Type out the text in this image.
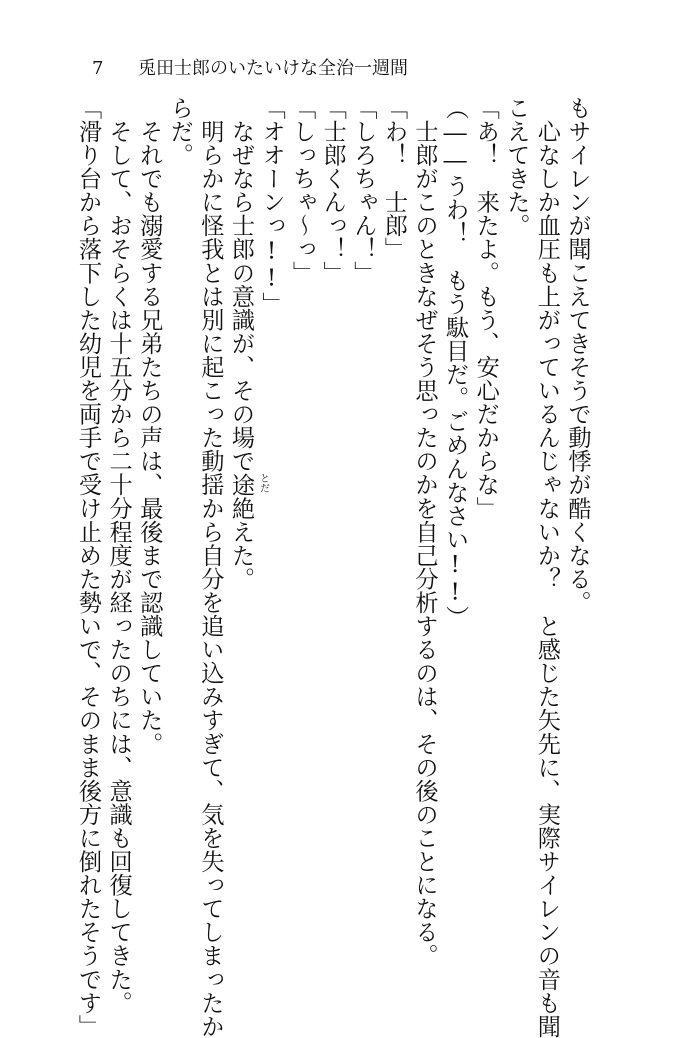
7 兎田士郎のいたいけな全治一週間
もサイレンが聞こえてきそうで動悸が酷くなる。
　心なしか血圧も上がっているんじゃないか？　と感じた矢先に、実際サイレンの音も聞
こえてきた。
「あ！　来たよ。もう、安心だからな」
（――うわ！　もう駄目だ。ごめんなさい!!）
　士郎がこのときなぜそう思ったのかを自己分析するのは、その後のことになる。
「わ！　士郎」
「しろちゃん！」
「士郎くんっ！」
「しっちゃ～っ」
「オオーンっ!!」
　なぜなら士郎の意識が、その場で途絶 とだ
えた。
　明らかに怪我とは別に起こった動揺から自分を追い込みすぎて、気を失ってしまったか
らだ。
　それでも溺愛する兄弟たちの声は、最後まで認識していた。
　そして、おそらくは十五分から二十分程度が経ったのちには、意識も回復してきた。
「滑り台から落下した幼児を両手で受け止めた勢いで、そのまま後方に倒れたそうです」
